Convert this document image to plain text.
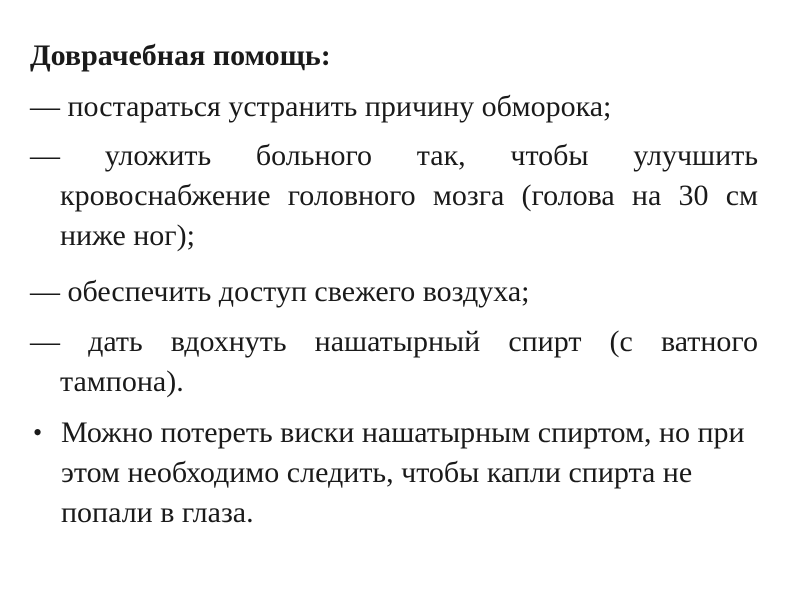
Доврачебная помощь:
— постараться устранить причину обморока;
— уложить больного так, чтобы улучшить кровоснабжение головного мозга (голова на 30 см ниже ног);
— обеспечить доступ свежего воздуха;
— дать вдохнуть нашатырный спирт (с ватного тампона).
• Можно потереть виски нашатырным спиртом, но при этом необходимо следить, чтобы капли спирта не попали в глаза.
